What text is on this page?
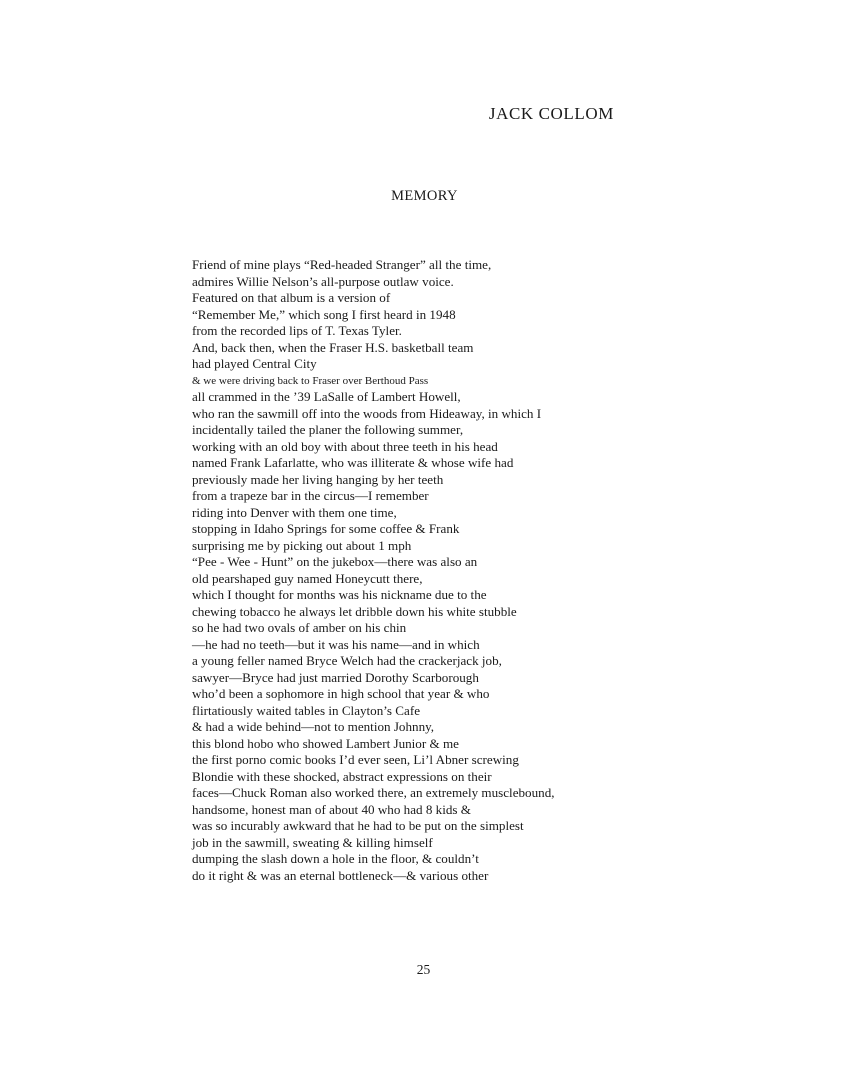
JACK COLLOM
MEMORY
Friend of mine plays “Red-headed Stranger” all the time,
admires Willie Nelson’s all-purpose outlaw voice.
Featured on that album is a version of
“Remember Me,” which song I first heard in 1948
from the recorded lips of T. Texas Tyler.
And, back then, when the Fraser H.S. basketball team
had played Central City
& we were driving back to Fraser over Berthoud Pass
all crammed in the ’39 LaSalle of Lambert Howell,
who ran the sawmill off into the woods from Hideaway, in which I
incidentally tailed the planer the following summer,
working with an old boy with about three teeth in his head
named Frank Lafarlatte, who was illiterate & whose wife had
previously made her living hanging by her teeth
from a trapeze bar in the circus—I remember
riding into Denver with them one time,
stopping in Idaho Springs for some coffee & Frank
surprising me by picking out about 1 mph
“Pee - Wee - Hunt” on the jukebox—there was also an
old pearshaped guy named Honeycutt there,
which I thought for months was his nickname due to the
chewing tobacco he always let dribble down his white stubble
so he had two ovals of amber on his chin
—he had no teeth—but it was his name—and in which
a young feller named Bryce Welch had the crackerjack job,
sawyer—Bryce had just married Dorothy Scarborough
who’d been a sophomore in high school that year & who
flirtatiously waited tables in Clayton’s Cafe
& had a wide behind—not to mention Johnny,
this blond hobo who showed Lambert Junior & me
the first porno comic books I’d ever seen, Li’l Abner screwing
Blondie with these shocked, abstract expressions on their
faces—Chuck Roman also worked there, an extremely musclebound,
handsome, honest man of about 40 who had 8 kids &
was so incurably awkward that he had to be put on the simplest
job in the sawmill, sweating & killing himself
dumping the slash down a hole in the floor, & couldn’t
do it right & was an eternal bottleneck—& various other
25
